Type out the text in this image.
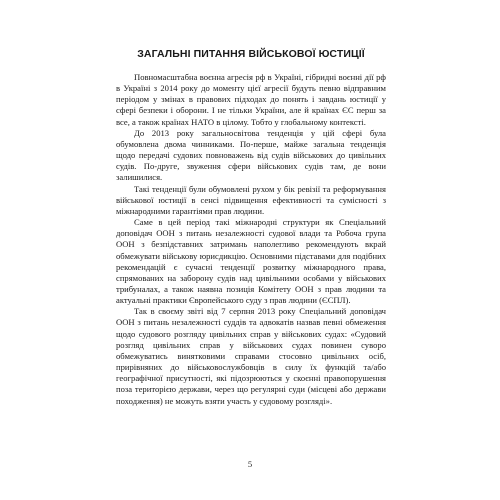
ЗАГАЛЬНІ ПИТАННЯ ВІЙСЬКОВОЇ ЮСТИЦІЇ

Повномасштабна воєнна агресія рф в Україні, гібридні воєнні дії рф в Україні з 2014 року до моменту цієї агресії будуть певно відправним періодом у змінах в правових підходах до понять і завдань юстиції у сфері безпеки і оборони. І не тільки України, але й країнах ЄС перш за все, а також країнах НАТО в цілому. Тобто у глобальному контексті.

До 2013 року загальносвітова тенденція у цій сфері була обумовлена двома чинниками. По-перше, майже загальна тенденція щодо передачі судових повноважень від судів військових до цивільних судів. По-друге, звуження сфери військових судів там, де вони залишилися.

Такі тенденції були обумовлені рухом у бік ревізії та реформування військової юстиції в сенсі підвищення ефективності та сумісності з міжнародними гарантіями прав людини.

Саме в цей період такі міжнародні структури як Спеціальний доповідач ООН з питань незалежності судової влади та Робоча група ООН з безпідставних затримань наполегливо рекомендують вкрай обмежувати військову юрисдикцію. Основними підставами для подібних рекомендацій є сучасні тенденції розвитку міжнародного права, спрямованих на заборону судів над цивільними особами у військових трибуналах, а також наявна позиція Комітету ООН з прав людини та актуальні практики Європейського суду з прав людини (ЄСПЛ).

Так в своєму звіті від 7 серпня 2013 року Спеціальний доповідач ООН з питань незалежності суддів та адвокатів назвав певні обмеження щодо судового розгляду цивільних справ у військових судах: «Судовий розгляд цивільних справ у військових судах повинен суворо обмежуватись винятковими справами стосовно цивільних осіб, прирівняних до військовослужбовців в силу їх функцій та/або географічної присутності, які підозрюються у скоєнні правопорушення поза територією держави, через що регулярні суди (місцеві або держави походження) не можуть взяти участь у судовому розгляді».

5
